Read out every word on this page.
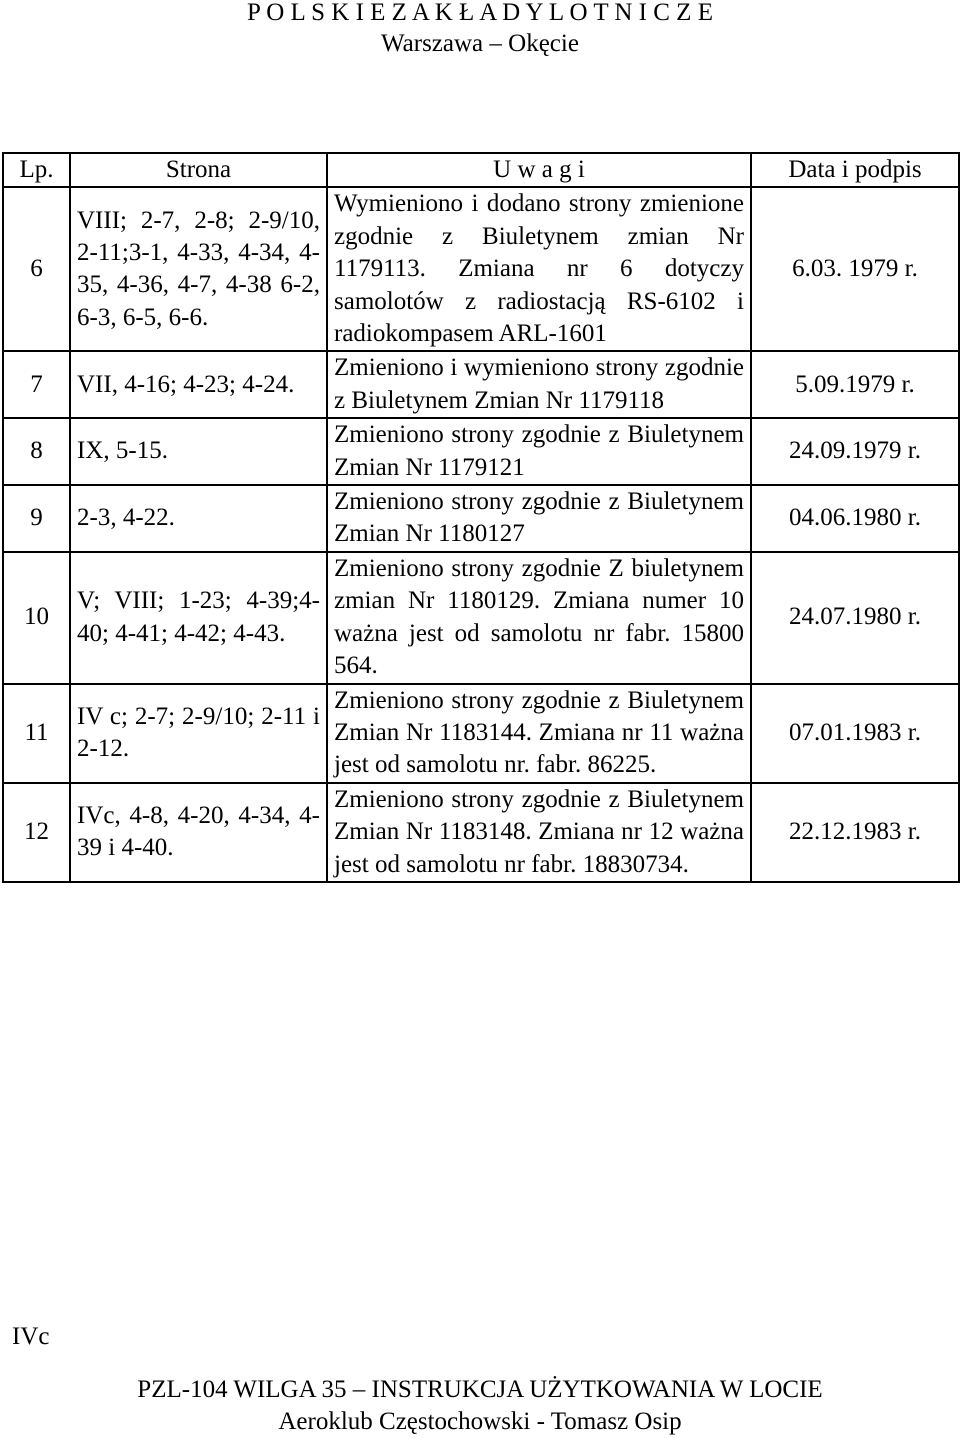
P O L S K I E Z A K Ł A D Y L O T N I C Z E
Warszawa – Okęcie
Lp.	Strona	U w a g i	Data i podpis
6	VIII; 2-7, 2-8; 2-9/10, 2-11;3-1, 4-33, 4-34, 4-35, 4-36, 4-7, 4-38 6-2, 6-3, 6-5, 6-6.	Wymieniono i dodano strony zmienione zgodnie z Biuletynem zmian Nr 1179113. Zmiana nr 6 dotyczy samolotów z radiostacją RS-6102 i radiokompasem ARL-1601	6.03. 1979 r.
7	VII, 4-16; 4-23; 4-24.	Zmieniono i wymieniono strony zgodnie z Biuletynem Zmian Nr 1179118	5.09.1979 r.
8	IX, 5-15.	Zmieniono strony zgodnie z Biuletynem Zmian Nr 1179121	24.09.1979 r.
9	2-3, 4-22.	Zmieniono strony zgodnie z Biuletynem Zmian Nr 1180127	04.06.1980 r.
10	V; VIII; 1-23; 4-39;4-40; 4-41; 4-42; 4-43.	Zmieniono strony zgodnie Z biuletynem zmian Nr 1180129. Zmiana numer 10 ważna jest od samolotu nr fabr. 15800 564.	24.07.1980 r.
11	IV c; 2-7; 2-9/10; 2-11 i 2-12.	Zmieniono strony zgodnie z Biuletynem Zmian Nr 1183144. Zmiana nr 11 ważna jest od samolotu nr. fabr. 86225.	07.01.1983 r.
12	IVc, 4-8, 4-20, 4-34, 4-39 i 4-40.	Zmieniono strony zgodnie z Biuletynem Zmian Nr 1183148. Zmiana nr 12 ważna jest od samolotu nr fabr. 18830734.	22.12.1983 r.
IVc
PZL-104 WILGA 35 – INSTRUKCJA UŻYTKOWANIA W LOCIE
Aeroklub Częstochowski - Tomasz Osip
